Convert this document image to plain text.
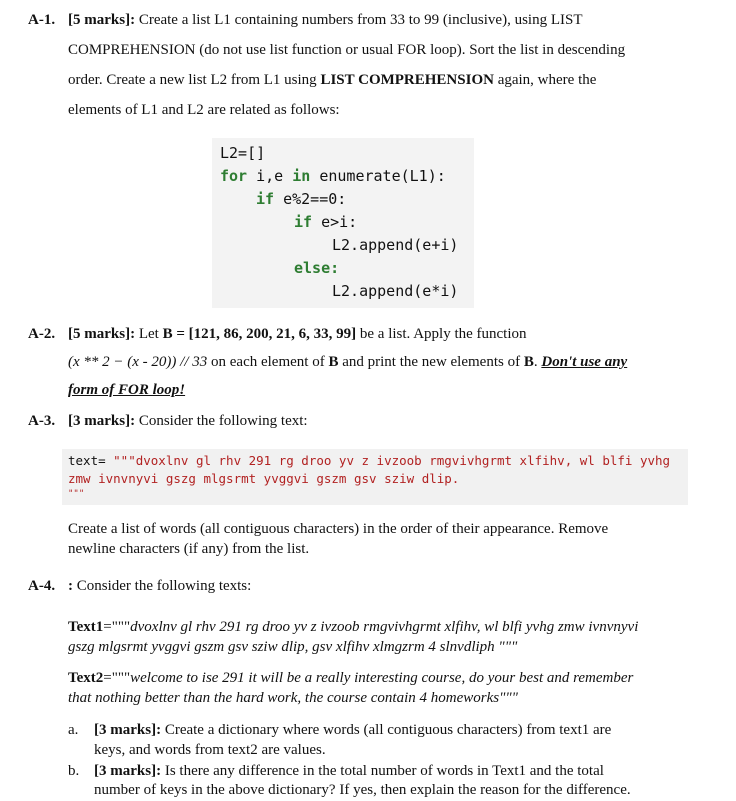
A-1. [5 marks]: Create a list L1 containing numbers from 33 to 99 (inclusive), using LIST
COMPREHENSION (do not use list function or usual FOR loop). Sort the list in descending
order. Create a new list L2 from L1 using LIST COMPREHENSION again, where the
elements of L1 and L2 are related as follows:
L2=[]
for i,e in enumerate(L1):
if e%2==0:
if e>i:
L2.append(e+i)
else:
L2.append(e*i)
A-2. [5 marks]: Let B = [121, 86, 200, 21, 6, 33, 99] be a list. Apply the function
(x ** 2 − (x - 20)) // 33 on each element of B and print the new elements of B. Don't use any
form of FOR loop!
A-3. [3 marks]: Consider the following text:
text= """dvoxlnv gl rhv 291 rg droo yv z ivzoob rmgvivhgrmt xlfihv, wl blfi yvhg
zmw ivnvnyvi gszg mlgsrmt yvggvi gszm gsv sziw dlip.
"""
Create a list of words (all contiguous characters) in the order of their appearance. Remove
newline characters (if any) from the list.
A-4. : Consider the following texts:
Text1="""dvoxlnv gl rhv 291 rg droo yv z ivzoob rmgvivhgrmt xlfihv, wl blfi yvhg zmw ivnvnyvi
gszg mlgsrmt yvggvi gszm gsv sziw dlip, gsv xlfihv xlmgzrm 4 slnvdliph """
Text2="""welcome to ise 291 it will be a really interesting course, do your best and remember
that nothing better than the hard work, the course contain 4 homeworks"""
a. [3 marks]: Create a dictionary where words (all contiguous characters) from text1 are
keys, and words from text2 are values.
b. [3 marks]: Is there any difference in the total number of words in Text1 and the total
number of keys in the above dictionary? If yes, then explain the reason for the difference.
